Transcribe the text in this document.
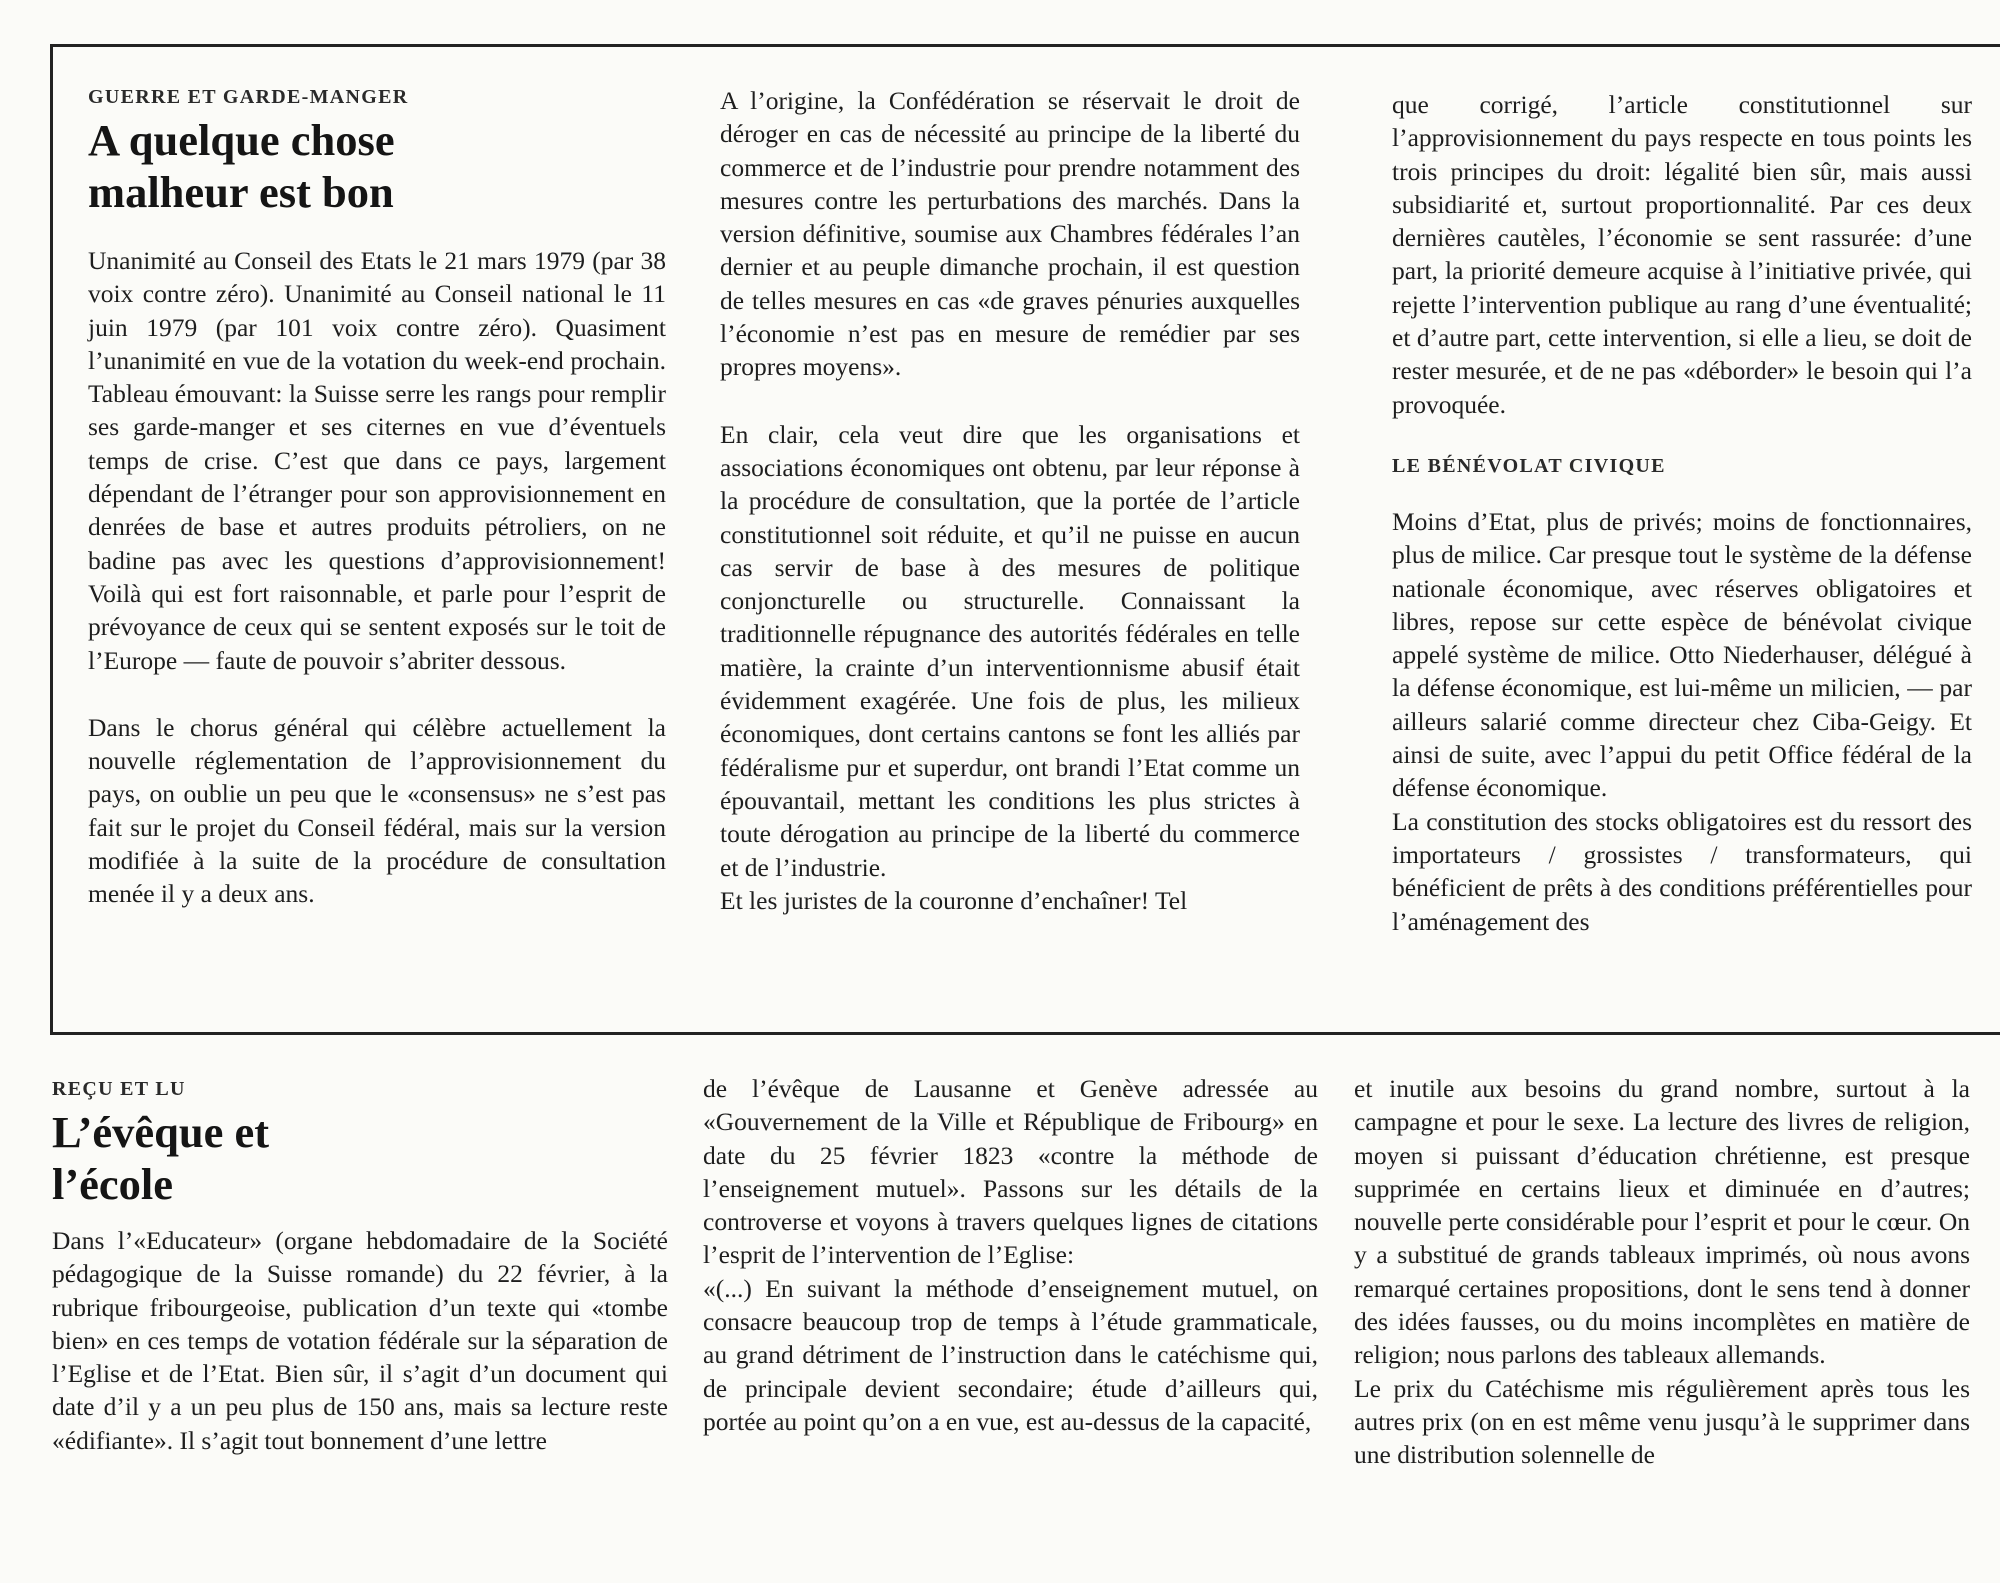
GUERRE ET GARDE-MANGER
A quelque chose malheur est bon

Unanimité au Conseil des Etats le 21 mars 1979 (par 38 voix contre zéro). Unanimité au Conseil national le 11 juin 1979 (par 101 voix contre zéro). Quasiment l’unanimité en vue de la votation du week-end prochain. Tableau émouvant: la Suisse serre les rangs pour remplir ses garde-manger et ses citernes en vue d’éventuels temps de crise. C’est que dans ce pays, largement dépendant de l’étranger pour son approvisionnement en denrées de base et autres produits pétroliers, on ne badine pas avec les questions d’approvisionnement! Voilà qui est fort raisonnable, et parle pour l’esprit de prévoyance de ceux qui se sentent exposés sur le toit de l’Europe — faute de pouvoir s’abriter dessous.

Dans le chorus général qui célèbre actuellement la nouvelle réglementation de l’approvisionnement du pays, on oublie un peu que le «consensus» ne s’est pas fait sur le projet du Conseil fédéral, mais sur la version modifiée à la suite de la procédure de consultation menée il y a deux ans.

A l’origine, la Confédération se réservait le droit de déroger en cas de nécessité au principe de la liberté du commerce et de l’industrie pour prendre notamment des mesures contre les perturbations des marchés. Dans la version définitive, soumise aux Chambres fédérales l’an dernier et au peuple dimanche prochain, il est question de telles mesures en cas «de graves pénuries auxquelles l’économie n’est pas en mesure de remédier par ses propres moyens».

En clair, cela veut dire que les organisations et associations économiques ont obtenu, par leur réponse à la procédure de consultation, que la portée de l’article constitutionnel soit réduite, et qu’il ne puisse en aucun cas servir de base à des mesures de politique conjoncturelle ou structurelle. Connaissant la traditionnelle répugnance des autorités fédérales en telle matière, la crainte d’un interventionnisme abusif était évidemment exagérée. Une fois de plus, les milieux économiques, dont certains cantons se font les alliés par fédéralisme pur et superdur, ont brandi l’Etat comme un épouvantail, mettant les conditions les plus strictes à toute dérogation au principe de la liberté du commerce et de l’industrie.

Et les juristes de la couronne d’enchaîner! Tel

que corrigé, l’article constitutionnel sur l’approvisionnement du pays respecte en tous points les trois principes du droit: légalité bien sûr, mais aussi subsidiarité et, surtout proportionnalité. Par ces deux dernières cautèles, l’économie se sent rassurée: d’une part, la priorité demeure acquise à l’initiative privée, qui rejette l’intervention publique au rang d’une éventualité; et d’autre part, cette intervention, si elle a lieu, se doit de rester mesurée, et de ne pas «déborder» le besoin qui l’a provoquée.

LE BÉNÉVOLAT CIVIQUE

Moins d’Etat, plus de privés; moins de fonctionnaires, plus de milice. Car presque tout le système de la défense nationale économique, avec réserves obligatoires et libres, repose sur cette espèce de bénévolat civique appelé système de milice. Otto Niederhauser, délégué à la défense économique, est lui-même un milicien, — par ailleurs salarié comme directeur chez Ciba-Geigy. Et ainsi de suite, avec l’appui du petit Office fédéral de la défense économique.

La constitution des stocks obligatoires est du ressort des importateurs / grossistes / transformateurs, qui bénéficient de prêts à des conditions préférentielles pour l’aménagement des

REÇU ET LU
L’évêque et l’école

Dans l’«Educateur» (organe hebdomadaire de la Société pédagogique de la Suisse romande) du 22 février, à la rubrique fribourgeoise, publication d’un texte qui «tombe bien» en ces temps de votation fédérale sur la séparation de l’Eglise et de l’Etat. Bien sûr, il s’agit d’un document qui date d’il y a un peu plus de 150 ans, mais sa lecture reste «édifiante». Il s’agit tout bonnement d’une lettre

de l’évêque de Lausanne et Genève adressée au «Gouvernement de la Ville et République de Fribourg» en date du 25 février 1823 «contre la méthode de l’enseignement mutuel». Passons sur les détails de la controverse et voyons à travers quelques lignes de citations l’esprit de l’intervention de l’Eglise:

«(...) En suivant la méthode d’enseignement mutuel, on consacre beaucoup trop de temps à l’étude grammaticale, au grand détriment de l’instruction dans le catéchisme qui, de principale devient secondaire; étude d’ailleurs qui, portée au point qu’on a en vue, est au-dessus de la capacité,

et inutile aux besoins du grand nombre, surtout à la campagne et pour le sexe. La lecture des livres de religion, moyen si puissant d’éducation chrétienne, est presque supprimée en certains lieux et diminuée en d’autres; nouvelle perte considérable pour l’esprit et pour le cœur. On y a substitué de grands tableaux imprimés, où nous avons remarqué certaines propositions, dont le sens tend à donner des idées fausses, ou du moins incomplètes en matière de religion; nous parlons des tableaux allemands.

Le prix du Catéchisme mis régulièrement après tous les autres prix (on en est même venu jusqu’à le supprimer dans une distribution solennelle de
